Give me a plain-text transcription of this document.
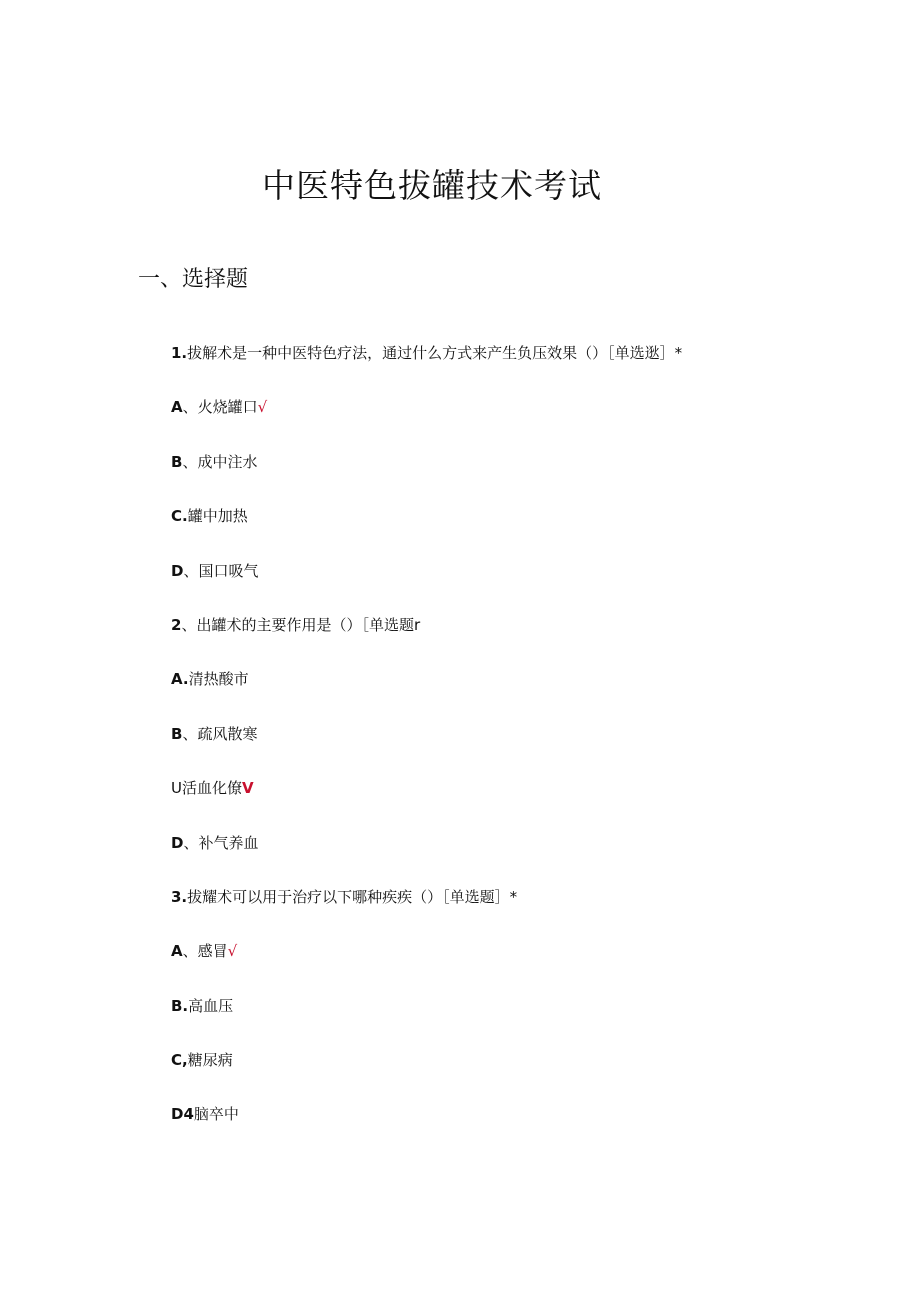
中医特色拔罐技术考试
一、选择题

1.拔解术是一种中医特色疗法，通过什么方式来产生负压效果（）［单选逖］*

A、火烧罐口√

B、成中注水

C.罐中加热

D、国口吸气

2、出罐术的主要作用是（）［单选题r

A.清热酸市

B、疏风散寒

U活血化僚V

D、补气养血

3.拔耀术可以用于治疗以下哪种疾疾（）［单选题］*

A、感冒√

B.高血压

C,糖尿病

D4脑卒中
